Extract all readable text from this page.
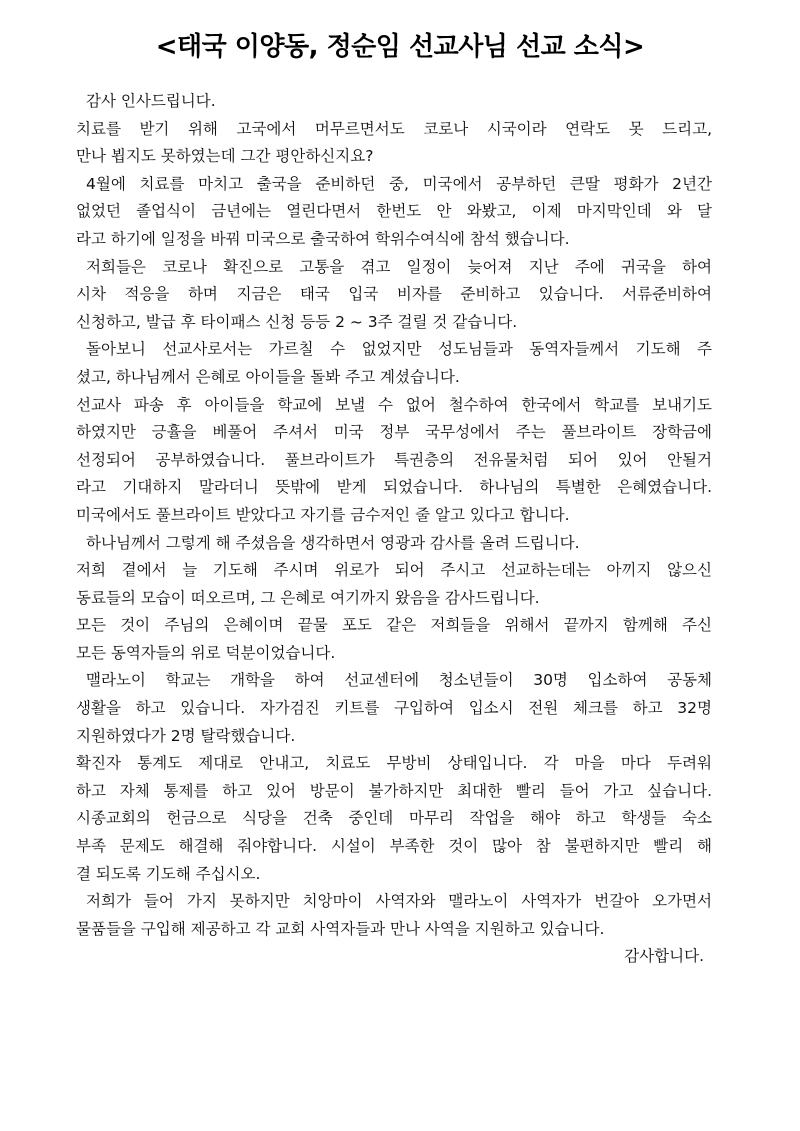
<태국 이양동, 정순임 선교사님 선교 소식>
감사 인사드립니다.
치료를 받기 위해 고국에서 머무르면서도 코로나 시국이라 연락도 못 드리고,
만나 뵙지도 못하였는데 그간 평안하신지요?
4월에 치료를 마치고 출국을 준비하던 중, 미국에서 공부하던 큰딸 평화가 2년간
없었던 졸업식이 금년에는 열린다면서 한번도 안 와봤고, 이제 마지막인데 와 달
라고 하기에 일정을 바꿔 미국으로 출국하여 학위수여식에 참석 했습니다.
저희들은 코로나 확진으로 고통을 겪고 일정이 늦어져 지난 주에 귀국을 하여
시차 적응을 하며 지금은 태국 입국 비자를 준비하고 있습니다. 서류준비하여
신청하고, 발급 후 타이패스 신청 등등 2 ~ 3주 걸릴 것 같습니다.
돌아보니 선교사로서는 가르칠 수 없었지만 성도님들과 동역자들께서 기도해 주
셨고, 하나님께서 은혜로 아이들을 돌봐 주고 계셨습니다.
선교사 파송 후 아이들을 학교에 보낼 수 없어 철수하여 한국에서 학교를 보내기도
하였지만 긍휼을 베풀어 주셔서 미국 정부 국무성에서 주는 풀브라이트 장학금에
선정되어 공부하였습니다. 풀브라이트가 특권층의 전유물처럼 되어 있어 안될거
라고 기대하지 말라더니 뜻밖에 받게 되었습니다. 하나님의 특별한 은혜였습니다.
미국에서도 풀브라이트 받았다고 자기를 금수저인 줄 알고 있다고 합니다.
하나님께서 그렇게 해 주셨음을 생각하면서 영광과 감사를 올려 드립니다.
저희 곁에서 늘 기도해 주시며 위로가 되어 주시고 선교하는데는 아끼지 않으신
동료들의 모습이 떠오르며, 그 은혜로 여기까지 왔음을 감사드립니다.
모든 것이 주님의 은혜이며 끝물 포도 같은 저희들을 위해서 끝까지 함께해 주신
모든 동역자들의 위로 덕분이었습니다.
맬라노이 학교는 개학을 하여 선교센터에 청소년들이 30명 입소하여 공동체
생활을 하고 있습니다. 자가검진 키트를 구입하여 입소시 전원 체크를 하고 32명
지원하였다가 2명 탈락했습니다.
확진자 통계도 제대로 안내고, 치료도 무방비 상태입니다. 각 마을 마다 두려워
하고 자체 통제를 하고 있어 방문이 불가하지만 최대한 빨리 들어 가고 싶습니다.
시종교회의 헌금으로 식당을 건축 중인데 마무리 작업을 해야 하고 학생들 숙소
부족 문제도 해결해 줘야합니다. 시설이 부족한 것이 많아 참 불편하지만 빨리 해
결 되도록 기도해 주십시오.
저희가 들어 가지 못하지만 치앙마이 사역자와 맬라노이 사역자가 번갈아 오가면서
물품들을 구입해 제공하고 각 교회 사역자들과 만나 사역을 지원하고 있습니다.
감사합니다.
